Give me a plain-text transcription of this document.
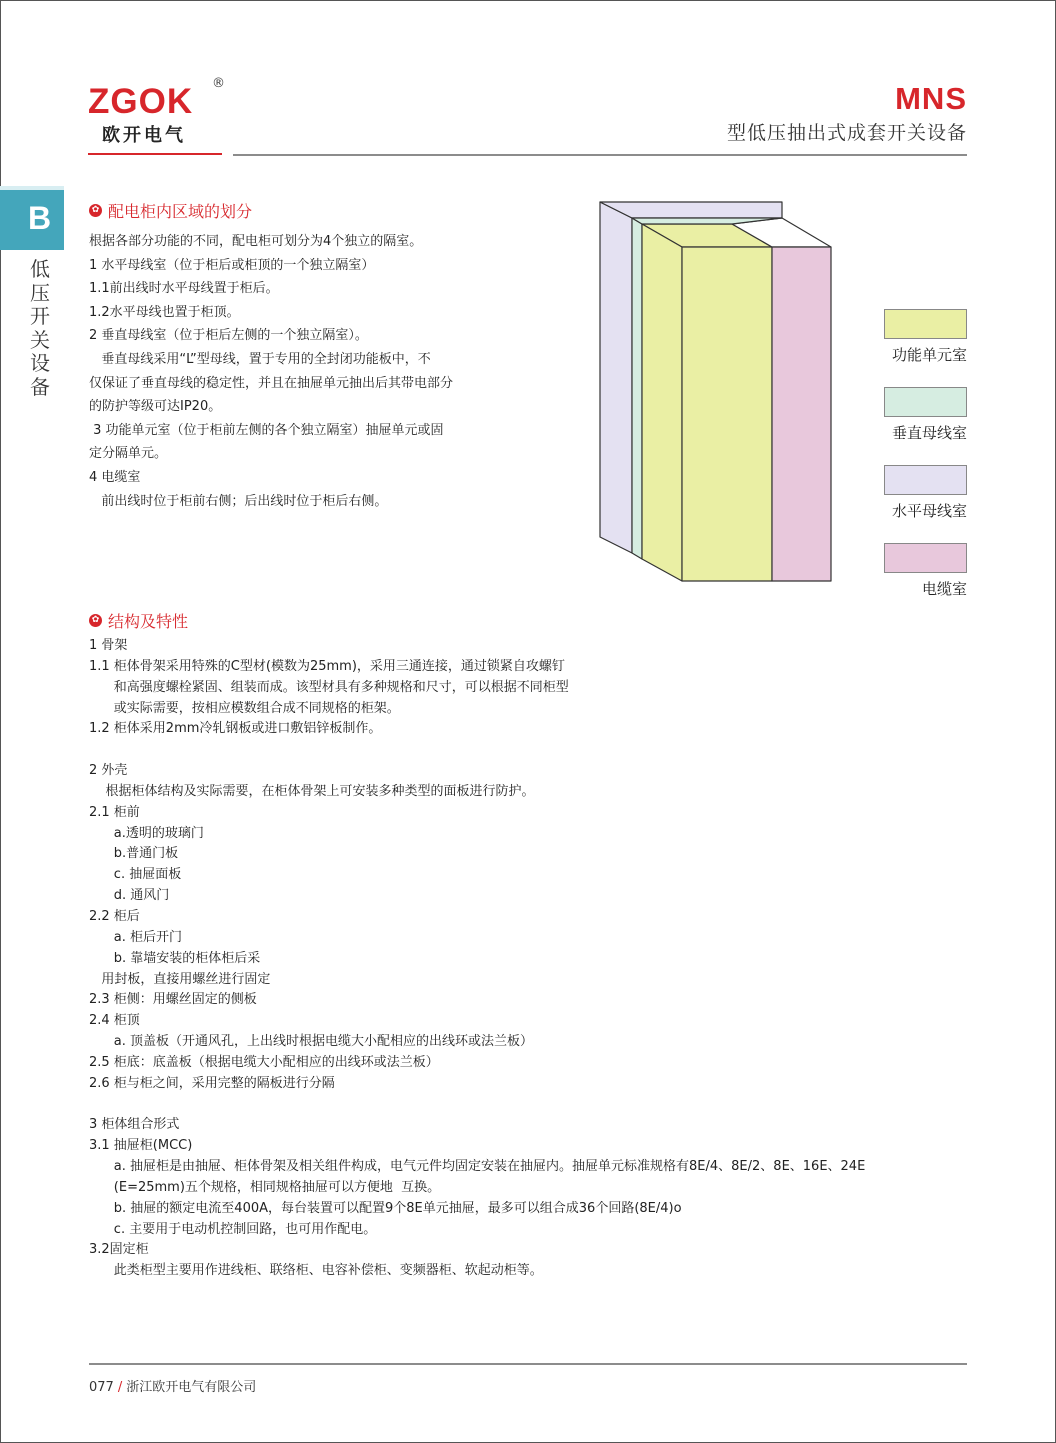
ZGOK ®
欧开电气
MNS
型低压抽出式成套开关设备
B
低压开关设备
✿ 配电柜内区域的划分
根据各部分功能的不同，配电柜可划分为4个独立的隔室。
1 水平母线室（位于柜后或柜顶的一个独立隔室）
1.1前出线时水平母线置于柜后。
1.2水平母线也置于柜顶。
2 垂直母线室（位于柜后左侧的一个独立隔室）。
垂直母线采用“L”型母线，置于专用的全封闭功能板中，不
仅保证了垂直母线的稳定性，并且在抽屉单元抽出后其带电部分
的防护等级可达IP20。
3 功能单元室（位于柜前左侧的各个独立隔室）抽屉单元或固
定分隔单元。
4 电缆室
前出线时位于柜前右侧；后出线时位于柜后右侧。
功能单元室
垂直母线室
水平母线室
电缆室
✿ 结构及特性
1 骨架
1.1 柜体骨架采用特殊的C型材(模数为25mm)，采用三通连接，通过锁紧自攻螺钉
和高强度螺栓紧固、组装而成。该型材具有多种规格和尺寸，可以根据不同柜型
或实际需要，按相应模数组合成不同规格的柜架。
1.2 柜体采用2mm冷轧钢板或进口敷铝锌板制作。
2 外壳
根据柜体结构及实际需要，在柜体骨架上可安装多种类型的面板进行防护。
2.1 柜前
a.透明的玻璃门
b.普通门板
c. 抽屉面板
d. 通风门
2.2 柜后
a. 柜后开门
b. 靠墙安装的柜体柜后采
用封板，直接用螺丝进行固定
2.3 柜侧：用螺丝固定的侧板
2.4 柜顶
a. 顶盖板（开通风孔，上出线时根据电缆大小配相应的出线环或法兰板）
2.5 柜底：底盖板（根据电缆大小配相应的出线环或法兰板）
2.6 柜与柜之间，采用完整的隔板进行分隔
3 柜体组合形式
3.1 抽屉柜(MCC)
a. 抽屉柜是由抽屉、柜体骨架及相关组件构成，电气元件均固定安装在抽屉内。抽屉单元标准规格有8E/4、8E/2、8E、16E、24E
(E=25mm)五个规格，相同规格抽屉可以方便地  互换。
b. 抽屉的额定电流至400A，每台装置可以配置9个8E单元抽屉，最多可以组合成36个回路(8E/4)o
c. 主要用于电动机控制回路，也可用作配电。
3.2固定柜
此类柜型主要用作进线柜、联络柜、电容补偿柜、变频器柜、软起动柜等。
077 / 浙江欧开电气有限公司
